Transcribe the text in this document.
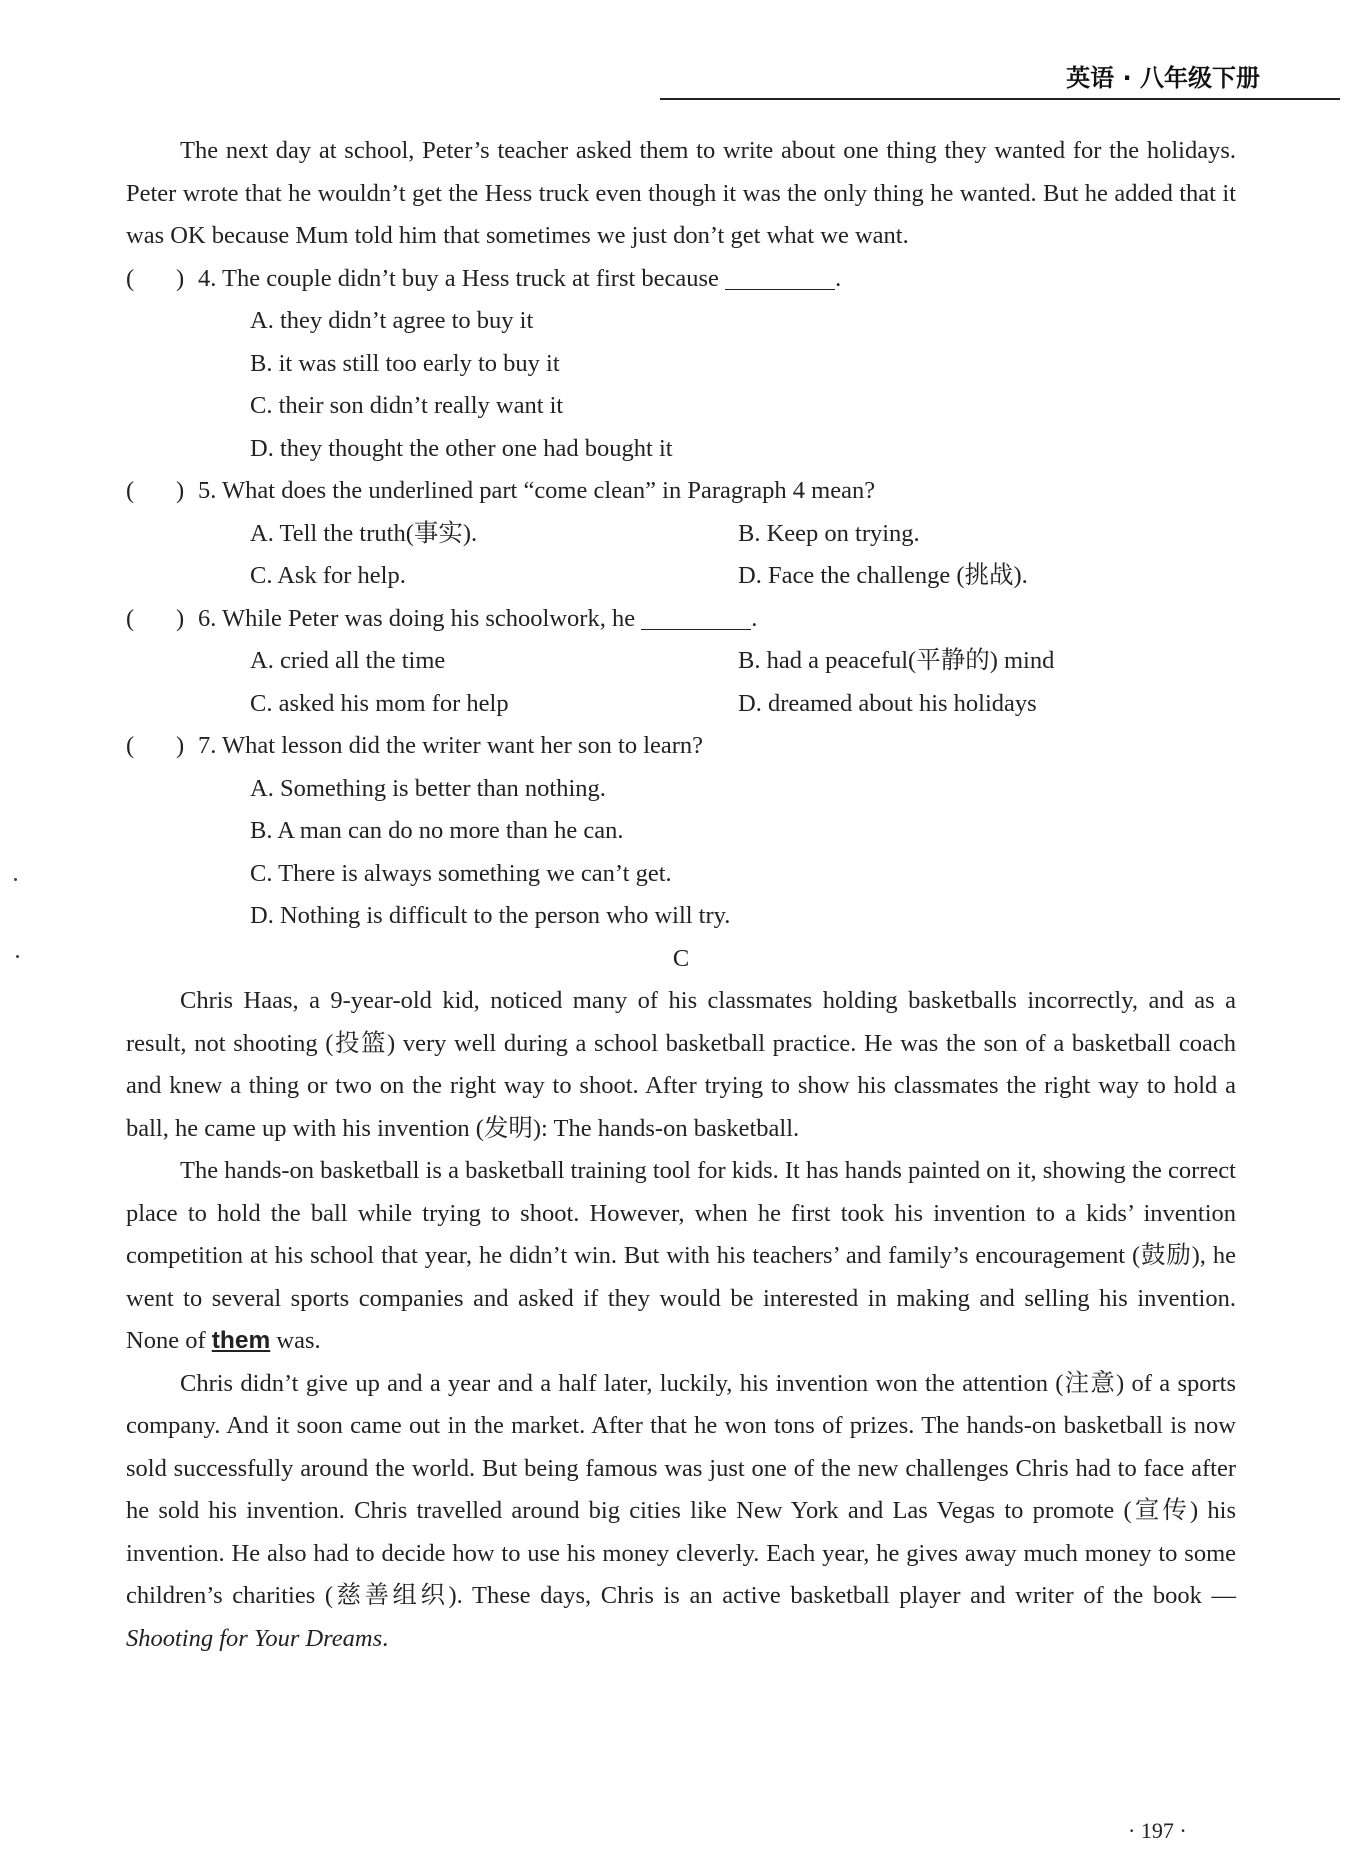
英语 · 八年级下册

The next day at school, Peter’s teacher asked them to write about one thing they wanted for the holidays. Peter wrote that he wouldn’t get the Hess truck even though it was the only thing he wanted. But he added that it was OK because Mum told him that sometimes we just don’t get what we want.

(	) 4. The couple didn’t buy a Hess truck at first because	.

A. they didn’t agree to buy it

B. it was still too early to buy it

C. their son didn’t really want it

D. they thought the other one had bought it

(	) 5. What does the underlined part “come clean” in Paragraph 4 mean?

A. Tell the truth(事实).	B. Keep on trying.

C. Ask for help.	D. Face the challenge (挑战).

(	) 6. While Peter was doing his schoolwork, he	.

A. cried all the time	B. had a peaceful(平静的) mind

C. asked his mom for help	D. dreamed about his holidays

(	) 7. What lesson did the writer want her son to learn?

A. Something is better than nothing.

B. A man can do no more than he can.

C. There is always something we can’t get.

D. Nothing is difficult to the person who will try.

C

Chris Haas, a 9-year-old kid, noticed many of his classmates holding basketballs incorrectly, and as a result, not shooting (投篮) very well during a school basketball practice. He was the son of a basketball coach and knew a thing or two on the right way to shoot. After trying to show his classmates the right way to hold a ball, he came up with his invention (发明): The hands-on basketball.

The hands-on basketball is a basketball training tool for kids. It has hands painted on it, showing the correct place to hold the ball while trying to shoot. However, when he first took his invention to a kids’ invention competition at his school that year, he didn’t win. But with his teachers’ and family’s encouragement (鼓励), he went to several sports companies and asked if they would be interested in making and selling his invention. None of them was.

Chris didn’t give up and a year and a half later, luckily, his invention won the attention (注意) of a sports company. And it soon came out in the market. After that he won tons of prizes. The hands-on basketball is now sold successfully around the world. But being famous was just one of the new challenges Chris had to face after he sold his invention. Chris travelled around big cities like New York and Las Vegas to promote (宣传) his invention. He also had to decide how to use his money cleverly. Each year, he gives away much money to some children’s charities (慈善组织). These days, Chris is an active basketball player and writer of the book — Shooting for Your Dreams.

· 197 ·
